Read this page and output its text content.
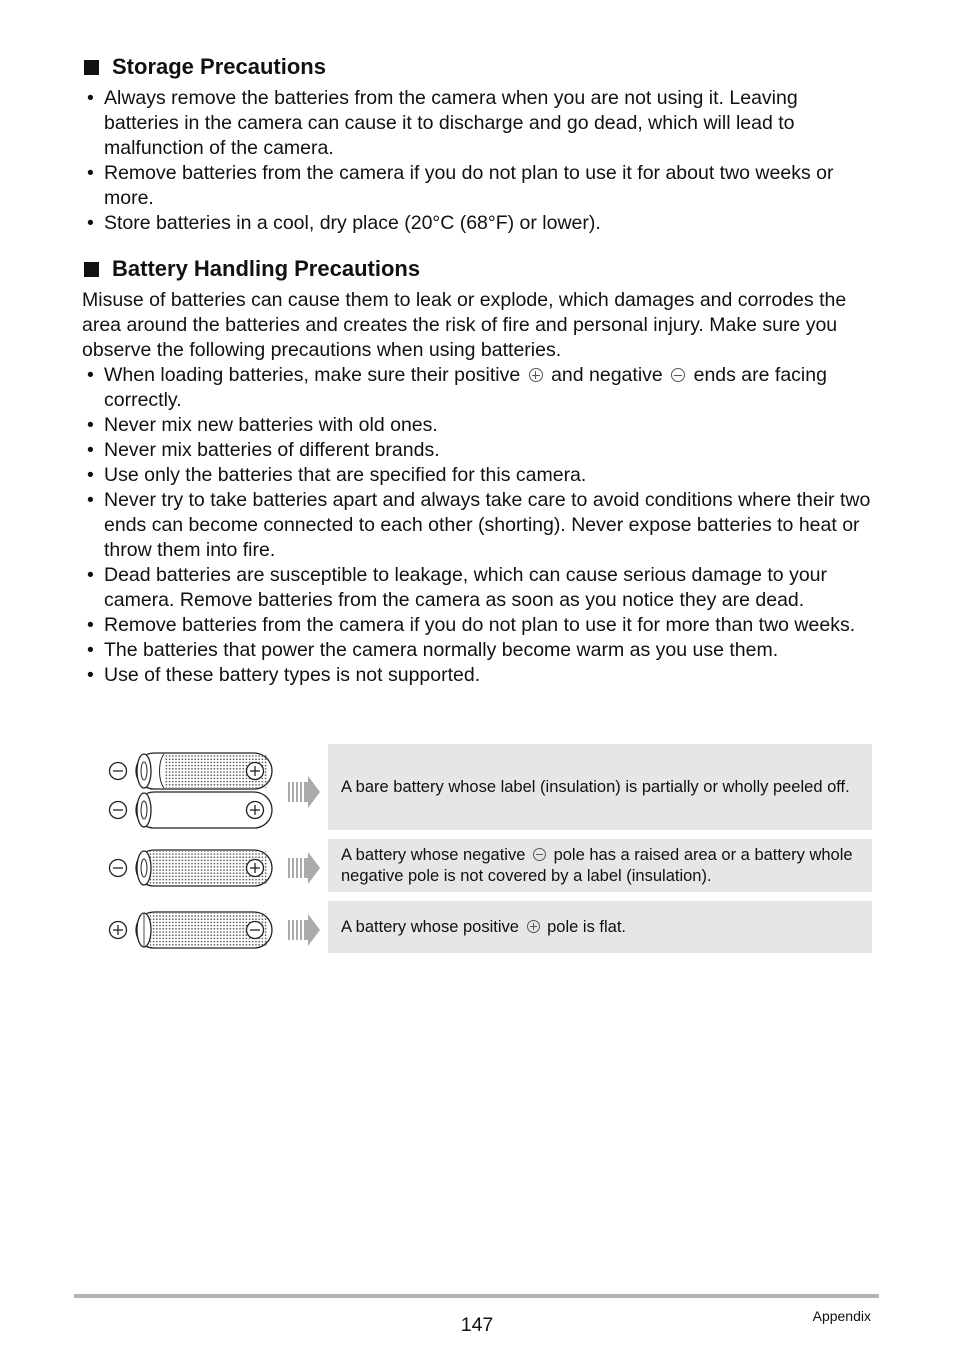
Storage Precautions
• Always remove the batteries from the camera when you are not using it. Leaving batteries in the camera can cause it to discharge and go dead, which will lead to malfunction of the camera.
• Remove batteries from the camera if you do not plan to use it for about two weeks or more.
• Store batteries in a cool, dry place (20°C (68°F) or lower).
Battery Handling Precautions

Misuse of batteries can cause them to leak or explode, which damages and corrodes the area around the batteries and creates the risk of fire and personal injury. Make sure you observe the following precautions when using batteries.

• When loading batteries, make sure their positive and negative ends are facing correctly.
• Never mix new batteries with old ones.
• Never mix batteries of different brands.
• Use only the batteries that are specified for this camera.
• Never try to take batteries apart and always take care to avoid conditions where their two ends can become connected to each other (shorting). Never expose batteries to heat or throw them into fire.
• Dead batteries are susceptible to leakage, which can cause serious damage to your camera. Remove batteries from the camera as soon as you notice they are dead.
• Remove batteries from the camera if you do not plan to use it for more than two weeks.
• The batteries that power the camera normally become warm as you use them.
• Use of these battery types is not supported.
A bare battery whose label (insulation) is partially or wholly peeled off.
A battery whose negative pole has a raised area or a battery whole negative pole is not covered by a label (insulation).
A battery whose positive pole is flat.
147	Appendix
